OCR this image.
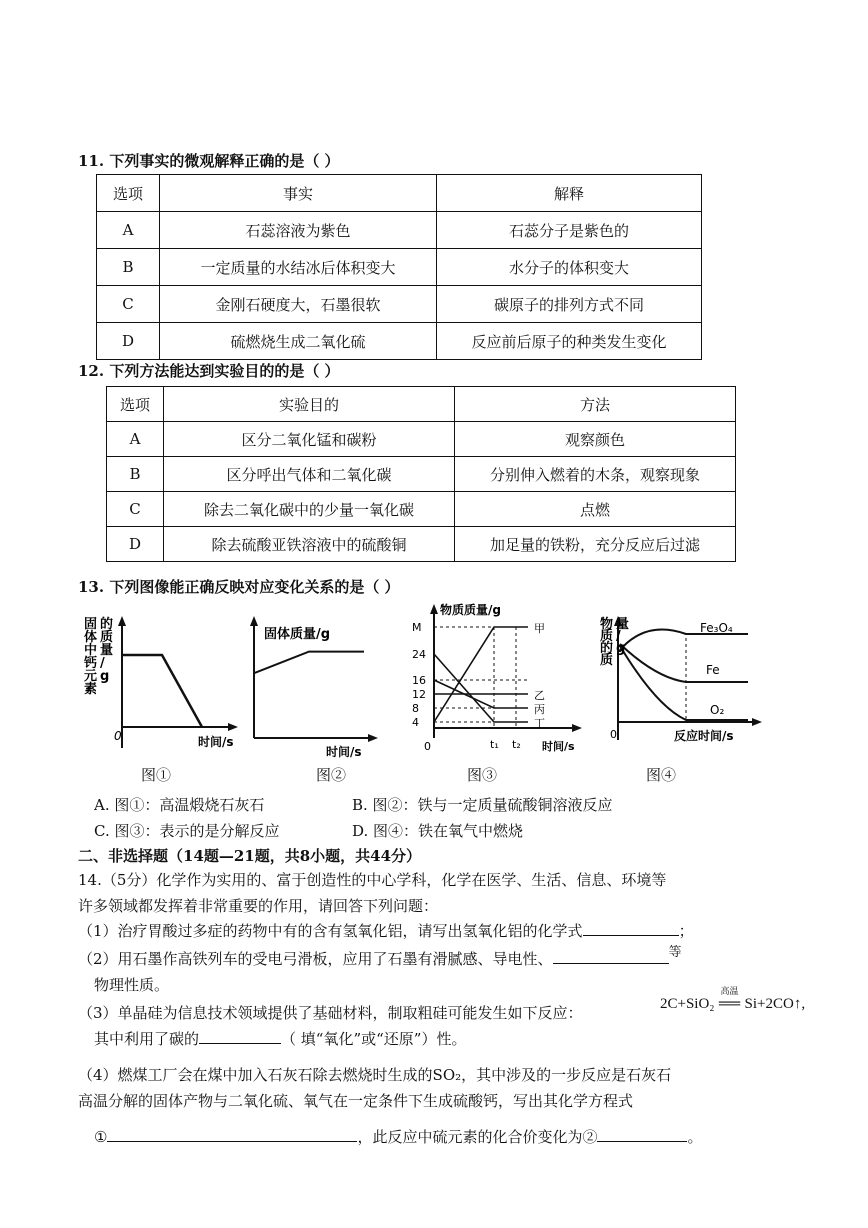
11. 下列事实的微观解释正确的是（ ）
选项	事实	解释
A	石蕊溶液为紫色	石蕊分子是紫色的
B	一定质量的水结冰后体积变大	水分子的体积变大
C	金刚石硬度大，石墨很软	碳原子的排列方式不同
D	硫燃烧生成二氧化硫	反应前后原子的种类发生变化
12. 下列方法能达到实验目的的是（ ）
选项	实验目的	方法
A	区分二氧化锰和碳粉	观察颜色
B	区分呼出气体和二氧化碳	分别伸入燃着的木条，观察现象
C	除去二氧化碳中的少量一氧化碳	点燃
D	除去硫酸亚铁溶液中的硫酸铜	加足量的铁粉，充分反应后过滤
13. 下列图像能正确反映对应变化关系的是（ ）
固体中钙元素的质量/ g
时间/s
0
图①
固体质量/g
时间/s
图②
物质质量/g
时间/s
0
M
24
16
12
8
4
t₁ t₂
甲
乙
丙
丁
图③
物质的质量/ g
Fe₃O₄
Fe
O₂
反应时间/s
0
图④
A. 图①：高温煅烧石灰石	B. 图②：铁与一定质量硫酸铜溶液反应
C. 图③：表示的是分解反应	D. 图④：铁在氧气中燃烧
二、非选择题（14题—21题，共8小题，共44分）
14.（5分）化学作为实用的、富于创造性的中心学科，化学在医学、生活、信息、环境等
许多领域都发挥着非常重要的作用，请回答下列问题：
（1）治疗胃酸过多症的药物中有的含有氢氧化铝，请写出氢氧化铝的化学式	；
（2）用石墨作高铁列车的受电弓滑板，应用了石墨有滑腻感、导电性、	等
物理性质。
（3）单晶硅为信息技术领域提供了基础材料，制取粗硅可能发生如下反应：	2C+SiO₂
高温
══ Si+2CO↑,
其中利用了碳的	（ 填“氧化”或“还原”）性。
（4）燃煤工厂会在煤中加入石灰石除去燃烧时生成的SO₂，其中涉及的一步反应是石灰石
高温分解的固体产物与二氧化硫、氧气在一定条件下生成硫酸钙，写出其化学方程式
①	，此反应中硫元素的化合价变化为②	。
